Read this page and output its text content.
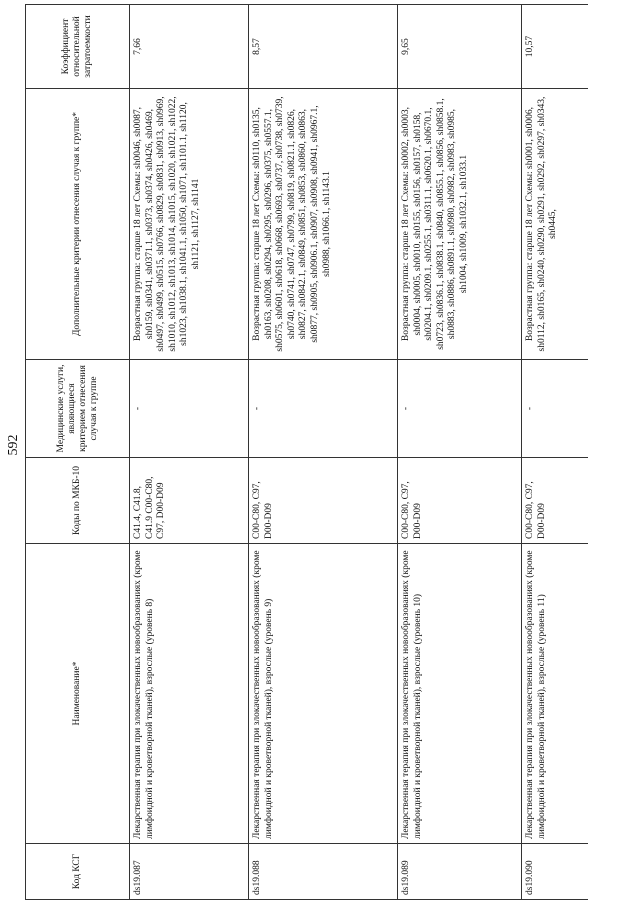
592
Код КСГ	Наименование*	Коды по МКБ-10	Медицинские услуги, являющиеся критерием отнесения случая к группе	Дополнительные критерии отнесения случая к группе*	Коэффициент относительной затратоемкости
ds19.087	Лекарственная терапия при злокачественных новообразованиях (кроме лимфоидной и кроветворной тканей), взрослые (уровень 8)	C41.4, C41.8, C41.9 C00-C80, C97, D00-D09	-	Возрастная группа: старше 18 лет Схемы: sh0046, sh0087, sh0159, sh0341, sh0371.1, sh0373, sh0374, sh0426, sh0469, sh0497, sh0499, sh0515, sh0766, sh0829, sh0831, sh0913, sh0969, sh1010, sh1012, sh1013, sh1014, sh1015, sh1020, sh1021, sh1022, sh1023, sh1038.1, sh1041.1, sh1050, sh1071, sh1101.1, sh1120, sh1121, sh1127, sh1141	7,66
ds19.088	Лекарственная терапия при злокачественных новообразованиях (кроме лимфоидной и кроветворной тканей), взрослые (уровень 9)	C00-C80, C97, D00-D09	-	Возрастная группа: старше 18 лет Схемы: sh0110, sh0135, sh0163, sh0208, sh0294, sh0295, sh0296, sh0375, sh0557.1, sh0575, sh0601, sh0618, sh0668, sh0693, sh0737, sh0738, sh0739, sh0740, sh0741, sh0747, sh0799, sh0819, sh0821.1, sh0826, sh0827, sh0842.1, sh0849, sh0851, sh0853, sh0860, sh0863, sh0877, sh0905, sh0906.1, sh0907, sh0908, sh0941, sh0967.1, sh0988, sh1066.1, sh1143.1	8,57
ds19.089	Лекарственная терапия при злокачественных новообразованиях (кроме лимфоидной и кроветворной тканей), взрослые (уровень 10)	C00-C80, C97, D00-D09	-	Возрастная группа: старше 18 лет Схемы: sh0002, sh0003, sh0004, sh0005, sh0010, sh0155, sh0156, sh0157, sh0158, sh0204.1, sh0209.1, sh0255.1, sh0311.1, sh0620.1, sh0670.1, sh0723, sh0836.1, sh0838.1, sh0840, sh0855.1, sh0856, sh0858.1, sh0883, sh0886, sh0891.1, sh0980, sh0982, sh0983, sh0985, sh1004, sh1009, sh1032.1, sh1033.1	9,65
ds19.090	Лекарственная терапия при злокачественных новообразованиях (кроме лимфоидной и кроветворной тканей), взрослые (уровень 11)	C00-C80, C97, D00-D09	-	Возрастная группа: старше 18 лет Схемы: sh0001, sh0006, sh0112, sh0165, sh0240, sh0290, sh0291, sh0292, sh0297, sh0343, sh0445,	10,57
